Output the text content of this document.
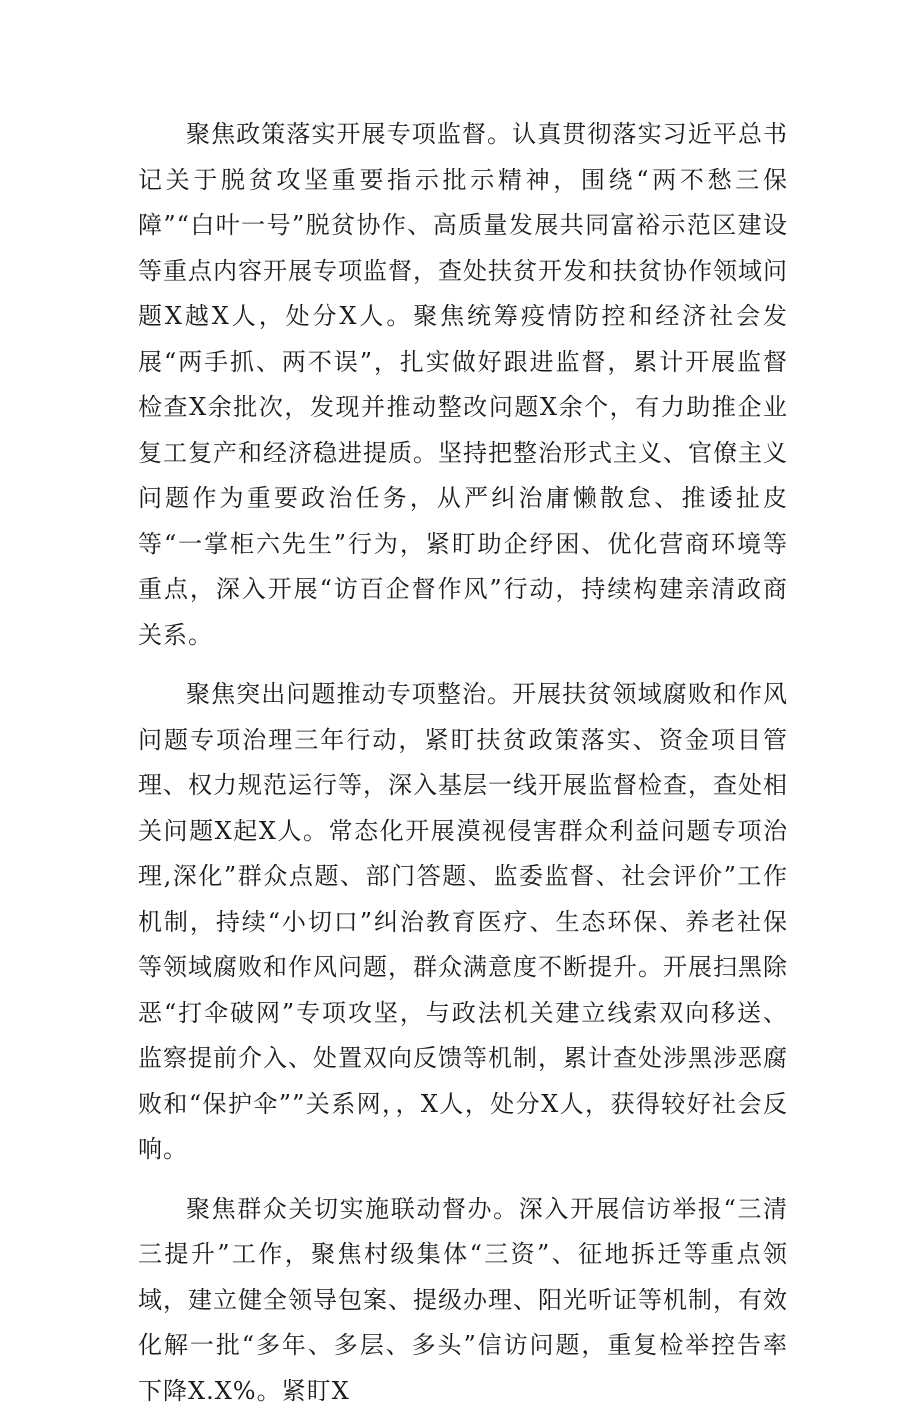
聚焦政策落实开展专项监督。认真贯彻落实习近平总书记关于脱贫攻坚重要指示批示精神，围绕“两不愁三保障”“白叶一号”脱贫协作、高质量发展共同富裕示范区建设等重点内容开展专项监督，查处扶贫开发和扶贫协作领域问题X越X人，处分X人。聚焦统筹疫情防控和经济社会发展“两手抓、两不误”，扎实做好跟进监督，累计开展监督检查X余批次，发现并推动整改问题X余个，有力助推企业复工复产和经济稳进提质。坚持把整治形式主义、官僚主义问题作为重要政治任务，从严纠治庸懒散怠、推诿扯皮等“一掌柜六先生”行为，紧盯助企纾困、优化营商环境等重点，深入开展“访百企督作风”行动，持续构建亲清政商关系。

聚焦突出问题推动专项整治。开展扶贫领域腐败和作风问题专项治理三年行动，紧盯扶贫政策落实、资金项目管理、权力规范运行等，深入基层一线开展监督检查，查处相关问题X起X人。常态化开展漠视侵害群众利益问题专项治理,深化”群众点题、部门答题、监委监督、社会评价”工作机制，持续“小切口”纠治教育医疗、生态环保、养老社保等领域腐败和作风问题，群众满意度不断提升。开展扫黑除恶“打伞破网”专项攻坚，与政法机关建立线索双向移送、监察提前介入、处置双向反馈等机制，累计查处涉黑涉恶腐败和“保护伞””关系网，，X人，处分X人，获得较好社会反响。

聚焦群众关切实施联动督办。深入开展信访举报“三清三提升”工作，聚焦村级集体“三资”、征地拆迁等重点领域，建立健全领导包案、提级办理、阳光听证等机制，有效化解一批“多年、多层、多头”信访问题，重复检举控告率下降X.X%。紧盯X
